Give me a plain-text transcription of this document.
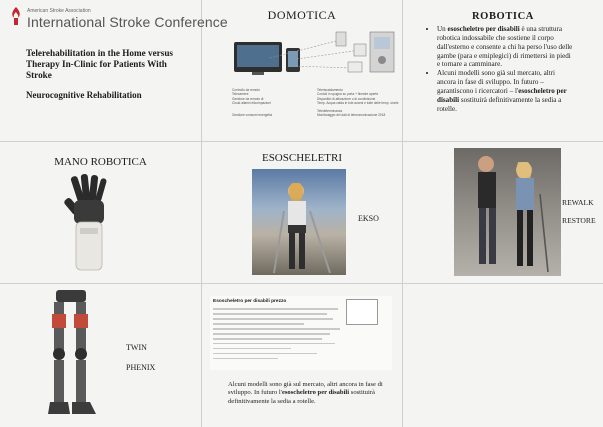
American Stroke Association
International Stroke Conference
Telerehabilitation in the Home versus Therapy In-Clinic for Patients With Stroke
Neurocognitive Rehabilitation
DOMOTICA
Controllo da remoto	Teleriscaldamento
Telecamere	Cordoli in spugna su porta + finestre aperte
Gestione da remoto di	Dispositivi di attivazione o di condivisione
Cloud allarmi elicompazioni	Temp. Acqua calda in tubi accesi e tutte delle temp. orarie
Teledeterminanza
Gestione consumi energetici	Monitoraggio dei dati di telecomunicazione 2018
ROBOTICA
• Un esoscheletro per disabili è una struttura robotica indossabile che sostiene il corpo dall'esterno e consente a chi ha perso l'uso delle gambe (para e emiplegici) di rimettersi in piedi e tornare a camminare.
• Alcuni modelli sono già sul mercato, altri ancora in fase di sviluppo. In futuro – garantiscono i ricercatori – l'esoscheletro per disabili sostituirà definitivamente la sedia a rotelle.
MANO ROBOTICA	ESOSCHELETRI
EKSO
REWALK
RESTORE
TWIN
PHENIX
Esoscheletro per disabili prezzo
Alcuni modelli sono già sul mercato, altri ancora in fase di sviluppo. In futuro l'esoscheletro per disabili sostituirà definitivamente la sedia a rotelle.
